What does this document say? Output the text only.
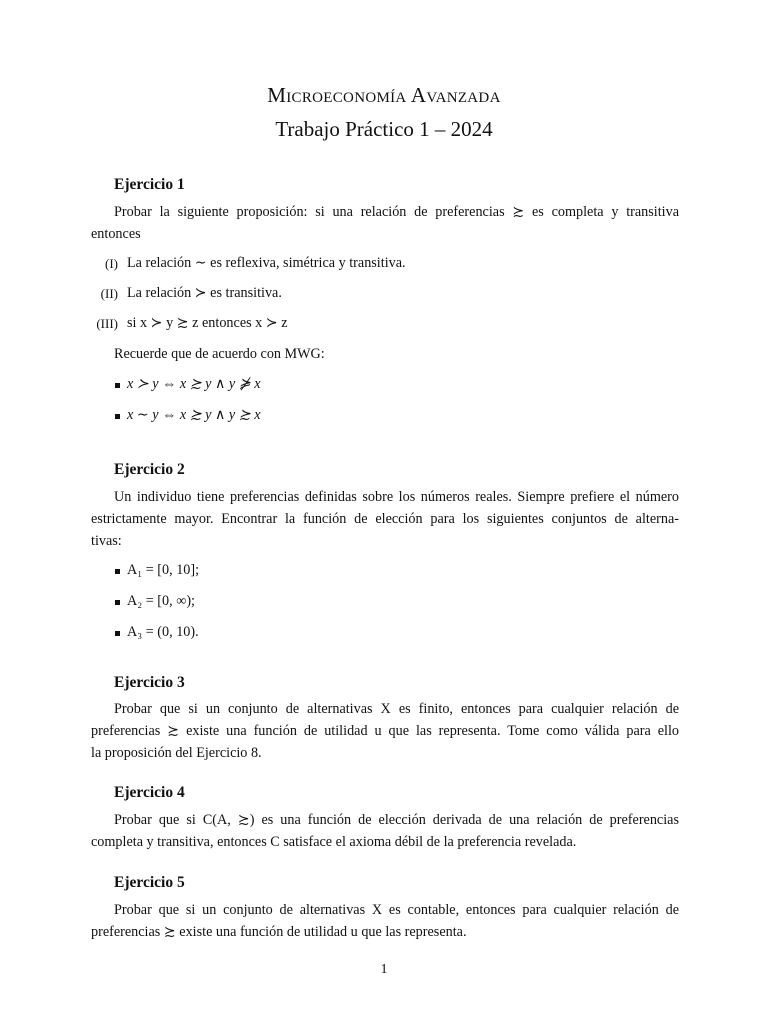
Microeconomía Avanzada
Trabajo Práctico 1 – 2024
Ejercicio 1
Probar la siguiente proposición: si una relación de preferencias ≿ es completa y transitiva
entonces
(I) La relación ∼ es reflexiva, simétrica y transitiva.
(II) La relación ≻ es transitiva.
(III) si x ≻ y ≿ z entonces x ≻ z
Recuerde que de acuerdo con MWG:
x ≻ y ⇔ x ≿ y ∧ y ⋡ x
x ∼ y ⇔ x ≿ y ∧ y ≿ x
Ejercicio 2
Un individuo tiene preferencias definidas sobre los números reales. Siempre prefiere el número
estrictamente mayor. Encontrar la función de elección para los siguientes conjuntos de alterna-
tivas:
A₁ = [0, 10];
A₂ = [0, ∞);
A₃ = (0, 10).
Ejercicio 3
Probar que si un conjunto de alternativas X es finito, entonces para cualquier relación de
preferencias ≿ existe una función de utilidad u que las representa. Tome como válida para ello
la proposición del Ejercicio 8.
Ejercicio 4
Probar que si C(A, ≿) es una función de elección derivada de una relación de preferencias
completa y transitiva, entonces C satisface el axioma débil de la preferencia revelada.
Ejercicio 5
Probar que si un conjunto de alternativas X es contable, entonces para cualquier relación de
preferencias ≿ existe una función de utilidad u que las representa.
1
